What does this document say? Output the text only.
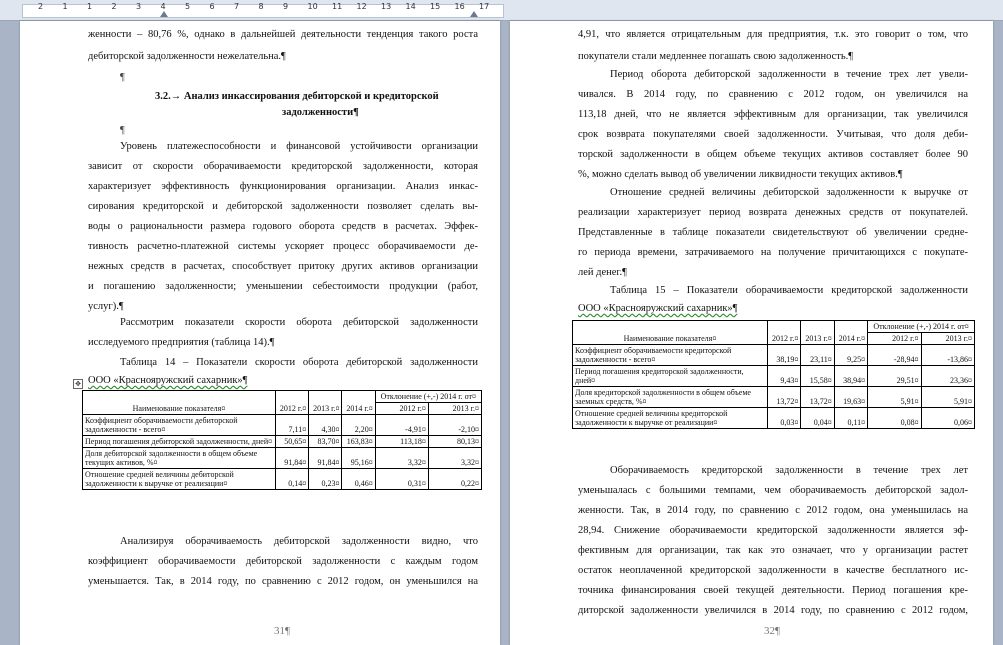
2 1 1 2 3 4 5 6 7 8 9 10 11 12 13 14 15 16 17
женности – 80,76 %, однако в дальнейшей деятельности тенденция такого роста
дебиторской задолженности нежелательна.¶
¶
3.2.→ Анализ инкассирования дебиторской и кредиторской
задолженности¶
¶
Уровень платежеспособности и финансовой устойчивости организации
зависит от скорости оборачиваемости кредиторской задолженности, которая
характеризует эффективность функционирования организации. Анализ инкас-
сирования кредиторской и дебиторской задолженности позволяет сделать вы-
воды о рациональности размера годового оборота средств в расчетах. Эффек-
тивность расчетно-платежной системы ускоряет процесс оборачиваемости де-
нежных средств в расчетах, способствует притоку других активов организации
и погашению задолженности; уменьшении себестоимости продукции (работ,
услуг).¶
Рассмотрим показатели скорости оборота дебиторской задолженности
исследуемого предприятия (таблица 14).¶
Таблица 14 – Показатели скорости оборота дебиторской задолженности
ООО «Краснояружский сахарник»¶
✥
Наименование показателя¤	2012 г.¤	2013 г.¤	2014 г.¤	Отклонение (+,-) 2014 г. от¤	
				2012 г.¤	2013 г.¤
Коэффициент оборачиваемости дебиторской задолженности - всего¤	7,11¤	4,30¤	2,20¤	-4,91¤	-2,10¤
Период погашения дебиторской задолженности, дней¤	50,65¤	83,70¤	163,83¤	113,18¤	80,13¤
Доля дебиторской задолженности в общем объеме текущих активов, %¤	91,84¤	91,84¤	95,16¤	3,32¤	3,32¤
Отношение средней величины дебиторской задолженности к выручке от реализации¤	0,14¤	0,23¤	0,46¤	0,31¤	0,22¤
Анализируя оборачиваемость дебиторской задолженности видно, что
коэффициент оборачиваемости дебиторской задолженности с каждым годом
уменьшается. Так, в 2014 году, по сравнению с 2012 годом, он уменьшился на
31¶
4,91, что является отрицательным для предприятия, т.к. это говорит о том, что
покупатели стали медленнее погашать свою задолженность.¶
Период оборота дебиторской задолженности в течение трех лет увели-
чивался. В 2014 году, по сравнению с 2012 годом, он увеличился на
113,18 дней, что не является эффективным для организации, так увеличился
срок возврата покупателями своей задолженности. Учитывая, что доля деби-
торской задолженности в общем объеме текущих активов составляет более 90
%, можно сделать вывод об увеличении ликвидности текущих активов.¶
Отношение средней величины дебиторской задолженности к выручке от
реализации характеризует период возврата денежных средств от покупателей.
Представленные в таблице показатели свидетельствуют об увеличении средне-
го периода времени, затрачиваемого на получение причитающихся с покупате-
лей денег.¶
Таблица 15 – Показатели оборачиваемости кредиторской задолженности
ООО «Краснояружский сахарник»¶
Наименование показателя¤	2012 г.¤	2013 г.¤	2014 г.¤	Отклонение (+,-) 2014 г. от¤	
				2012 г.¤	2013 г.¤
Коэффициент оборачиваемости кредиторской задолженности - всего¤	38,19¤	23,11¤	9,25¤	-28,94¤	-13,86¤
Период погашения кредиторской задолженности, дней¤	9,43¤	15,58¤	38,94¤	29,51¤	23,36¤
Доля кредиторской задолженности в общем объеме заемных средств, %¤	13,72¤	13,72¤	19,63¤	5,91¤	5,91¤
Отношение средней величины кредиторской задолженности к выручке от реализации¤	0,03¤	0,04¤	0,11¤	0,08¤	0,06¤
Оборачиваемость кредиторской задолженности в течение трех лет
уменьшалась с большими темпами, чем оборачиваемость дебиторской задол-
женности. Так, в 2014 году, по сравнению с 2012 годом, она уменьшилась на
28,94. Снижение оборачиваемости кредиторской задолженности является эф-
фективным для организации, так как это означает, что у организации растет
остаток неоплаченной кредиторской задолженности в качестве бесплатного ис-
точника финансирования своей текущей деятельности. Период погашения кре-
диторской задолженности увеличился в 2014 году, по сравнению с 2012 годом,
32¶
